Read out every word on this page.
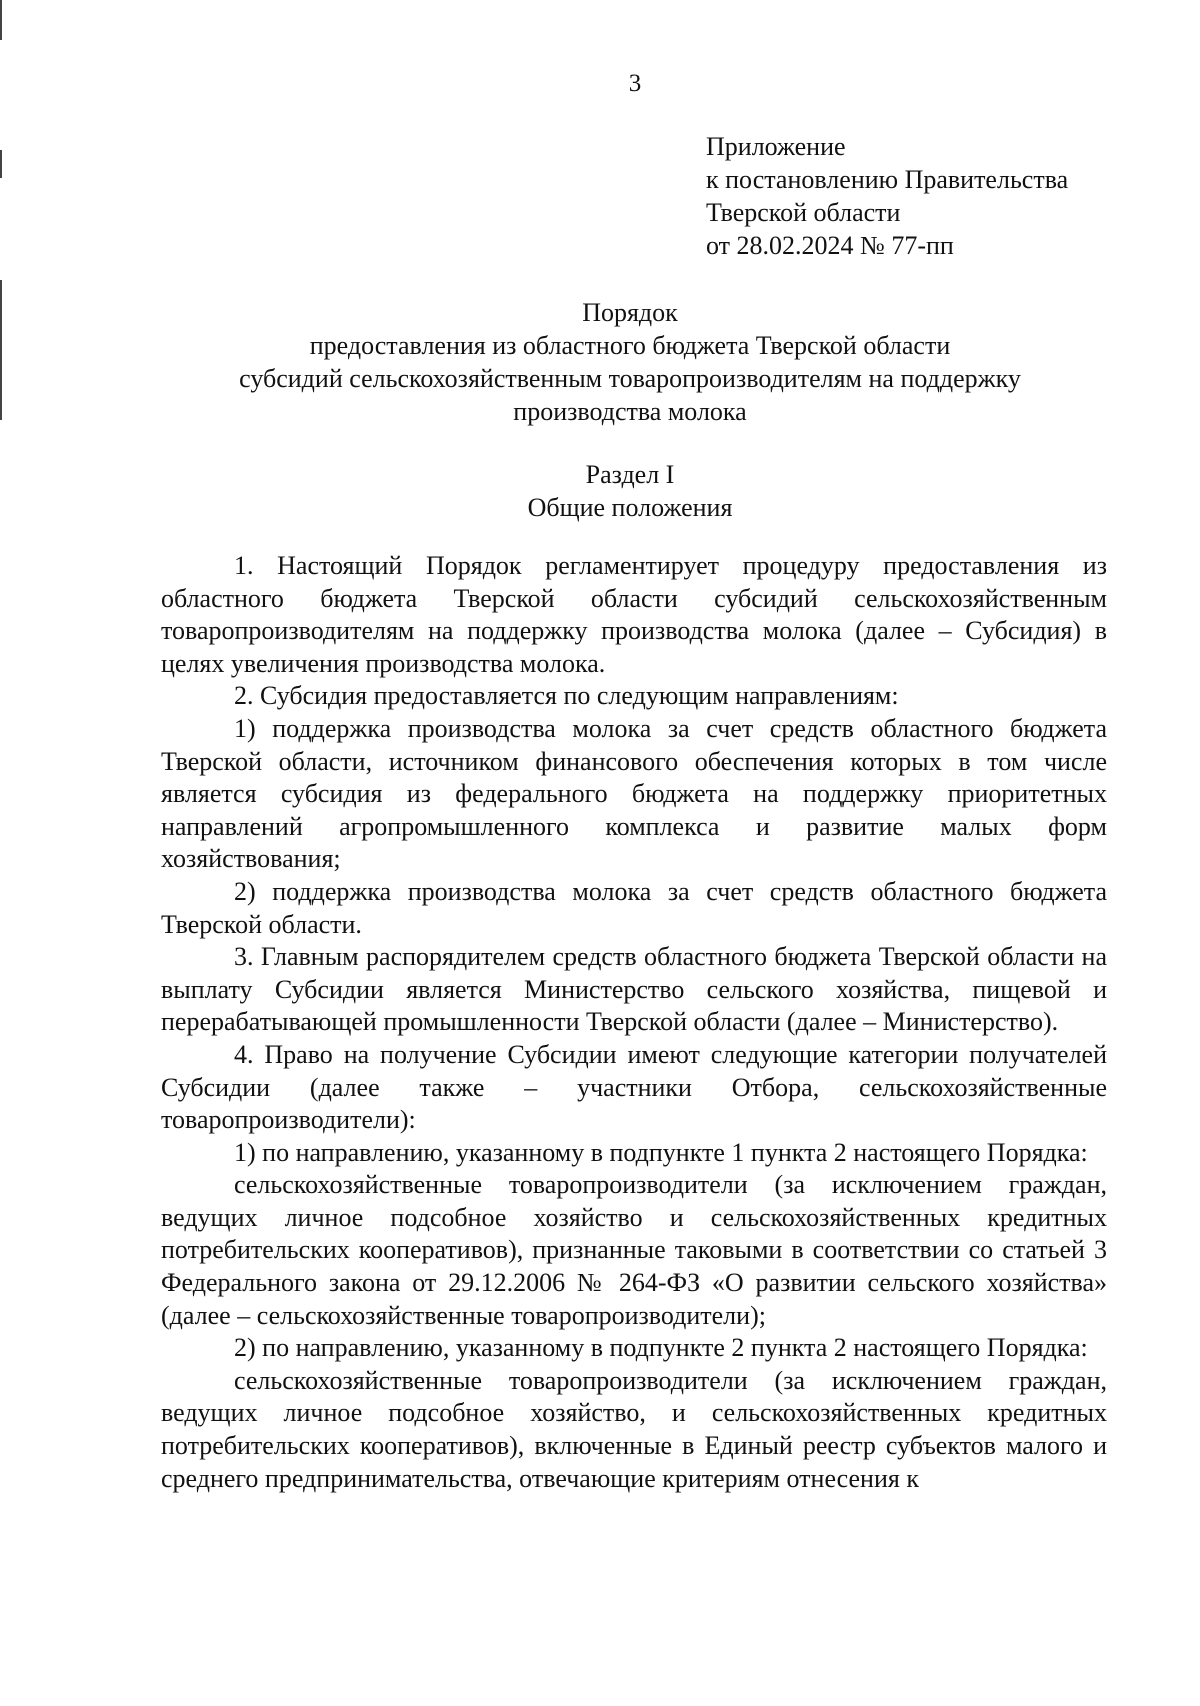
3
Приложение
к постановлению Правительства
Тверской области
от 28.02.2024 № 77-пп
Порядок
предоставления из областного бюджета Тверской области
субсидий сельскохозяйственным товаропроизводителям на поддержку
производства молока
Раздел I
Общие положения

1. Настоящий Порядок регламентирует процедуру предоставления из областного бюджета Тверской области субсидий сельскохозяйственным товаропроизводителям на поддержку производства молока (далее – Субсидия) в целях увеличения производства молока.

2. Субсидия предоставляется по следующим направлениям:

1) поддержка производства молока за счет средств областного бюджета Тверской области, источником финансового обеспечения которых в том числе является субсидия из федерального бюджета на поддержку приоритетных направлений агропромышленного комплекса и развитие малых форм хозяйствования;

2) поддержка производства молока за счет средств областного бюджета Тверской области.

3. Главным распорядителем средств областного бюджета Тверской области на выплату Субсидии является Министерство сельского хозяйства, пищевой и перерабатывающей промышленности Тверской области (далее – Министерство).

4. Право на получение Субсидии имеют следующие категории получателей Субсидии (далее также – участники Отбора, сельскохозяйственные товаропроизводители):

1) по направлению, указанному в подпункте 1 пункта 2 настоящего Порядка:

сельскохозяйственные товаропроизводители (за исключением граждан, ведущих личное подсобное хозяйство и сельскохозяйственных кредитных потребительских кооперативов), признанные таковыми в соответствии со статьей 3 Федерального закона от 29.12.2006 № 264-ФЗ «О развитии сельского хозяйства» (далее – сельскохозяйственные товаропроизводители);

2) по направлению, указанному в подпункте 2 пункта 2 настоящего Порядка:

сельскохозяйственные товаропроизводители (за исключением граждан, ведущих личное подсобное хозяйство, и сельскохозяйственных кредитных потребительских кооперативов), включенные в Единый реестр субъектов малого и среднего предпринимательства, отвечающие критериям отнесения к
